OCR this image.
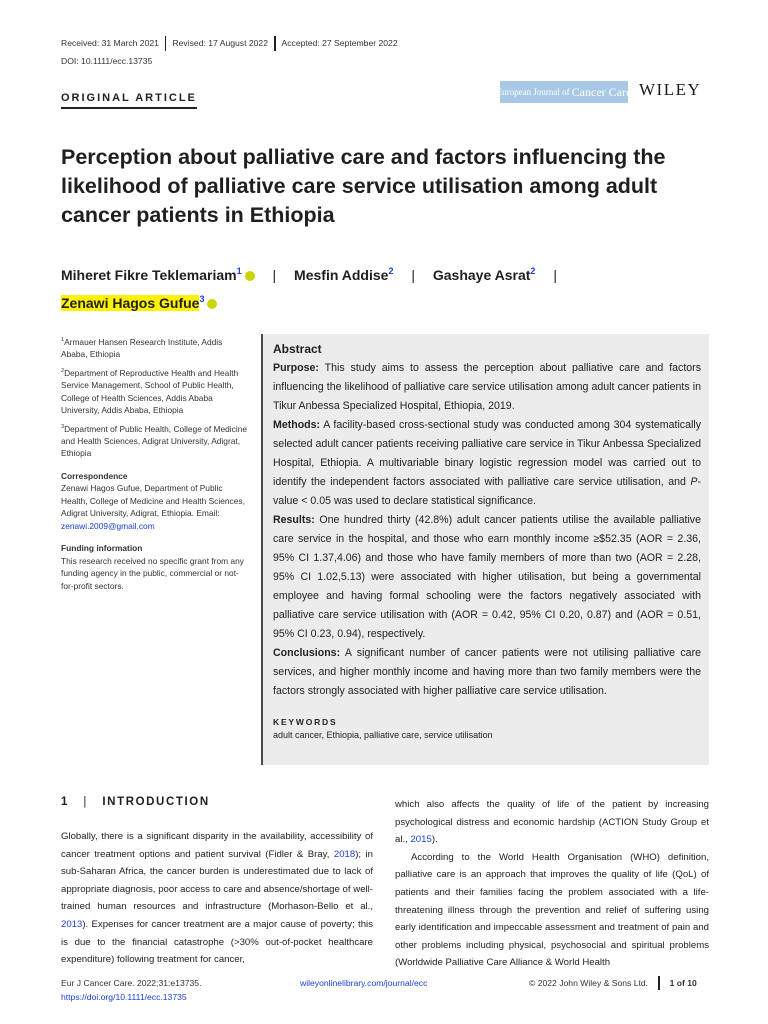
Received: 31 March 2021	Revised: 17 August 2022	Accepted: 27 September 2022
DOI: 10.1111/ecc.13735
ORIGINAL ARTICLE	European Journal of Cancer Care WILEY
Perception about palliative care and factors influencing the likelihood of palliative care service utilisation among adult cancer patients in Ethiopia
Miheret Fikre Teklemariam$^1$iD | Mesfin Addise$^2$ | Gashaye Asrat$^2$ |
Zenawi Hagos Gufue$^3$iD

$^1$Armauer Hansen Research Institute, Addis Ababa, Ethiopia

$^2$Department of Reproductive Health and Health Service Management, School of Public Health, College of Health Sciences, Addis Ababa University, Addis Ababa, Ethiopia

$^3$Department of Public Health, College of Medicine and Health Sciences, Adigrat University, Adigrat, Ethiopia

Correspondence

Zenawi Hagos Gufue, Department of Public Health, College of Medicine and Health Sciences, Adigrat University, Adigrat, Ethiopia. Email: zenawi.2009@gmail.com

Funding information

This research received no specific grant from any funding agency in the public, commercial or not-for-profit sectors.

Abstract

Purpose: This study aims to assess the perception about palliative care and factors influencing the likelihood of palliative care service utilisation among adult cancer patients in Tikur Anbessa Specialized Hospital, Ethiopia, 2019.

Methods: A facility-based cross-sectional study was conducted among 304 systematically selected adult cancer patients receiving palliative care service in Tikur Anbessa Specialized Hospital, Ethiopia. A multivariable binary logistic regression model was carried out to identify the independent factors associated with palliative care service utilisation, and P-value < 0.05 was used to declare statistical significance.

Results: One hundred thirty (42.8%) adult cancer patients utilise the available palliative care service in the hospital, and those who earn monthly income ≥$52.35 (AOR = 2.36, 95% CI 1.37,4.06) and those who have family members of more than two (AOR = 2.28, 95% CI 1.02,5.13) were associated with higher utilisation, but being a governmental employee and having formal schooling were the factors negatively associated with palliative care service utilisation with (AOR = 0.42, 95% CI 0.20, 0.87) and (AOR = 0.51, 95% CI 0.23, 0.94), respectively.

Conclusions: A significant number of cancer patients were not utilising palliative care services, and higher monthly income and having more than two family members were the factors strongly associated with higher palliative care service utilisation.

KEYWORDS
adult cancer, Ethiopia, palliative care, service utilisation
1 | INTRODUCTION

Globally, there is a significant disparity in the availability, accessibility of cancer treatment options and patient survival (Fidler & Bray, 2018); in sub-Saharan Africa, the cancer burden is underestimated due to lack of appropriate diagnosis, poor access to care and absence/shortage of well-trained human resources and infrastructure (Morhason-Bello et al., 2013). Expenses for cancer treatment are a major cause of poverty; this is due to the financial catastrophe (>30% out-of-pocket healthcare expenditure) following treatment for cancer,

which also affects the quality of life of the patient by increasing psychological distress and economic hardship (ACTION Study Group et al., 2015).

According to the World Health Organisation (WHO) definition, palliative care is an approach that improves the quality of life (QoL) of patients and their families facing the problem associated with a life-threatening illness through the prevention and relief of suffering using early identification and impeccable assessment and treatment of pain and other problems including physical, psychosocial and spiritual problems (Worldwide Palliative Care Alliance & World Health

Eur J Cancer Care. 2022;31:e13735.
https://doi.org/10.1111/ecc.13735
wileyonlinelibrary.com/journal/ecc	© 2022 John Wiley & Sons Ltd.	1 of 10
